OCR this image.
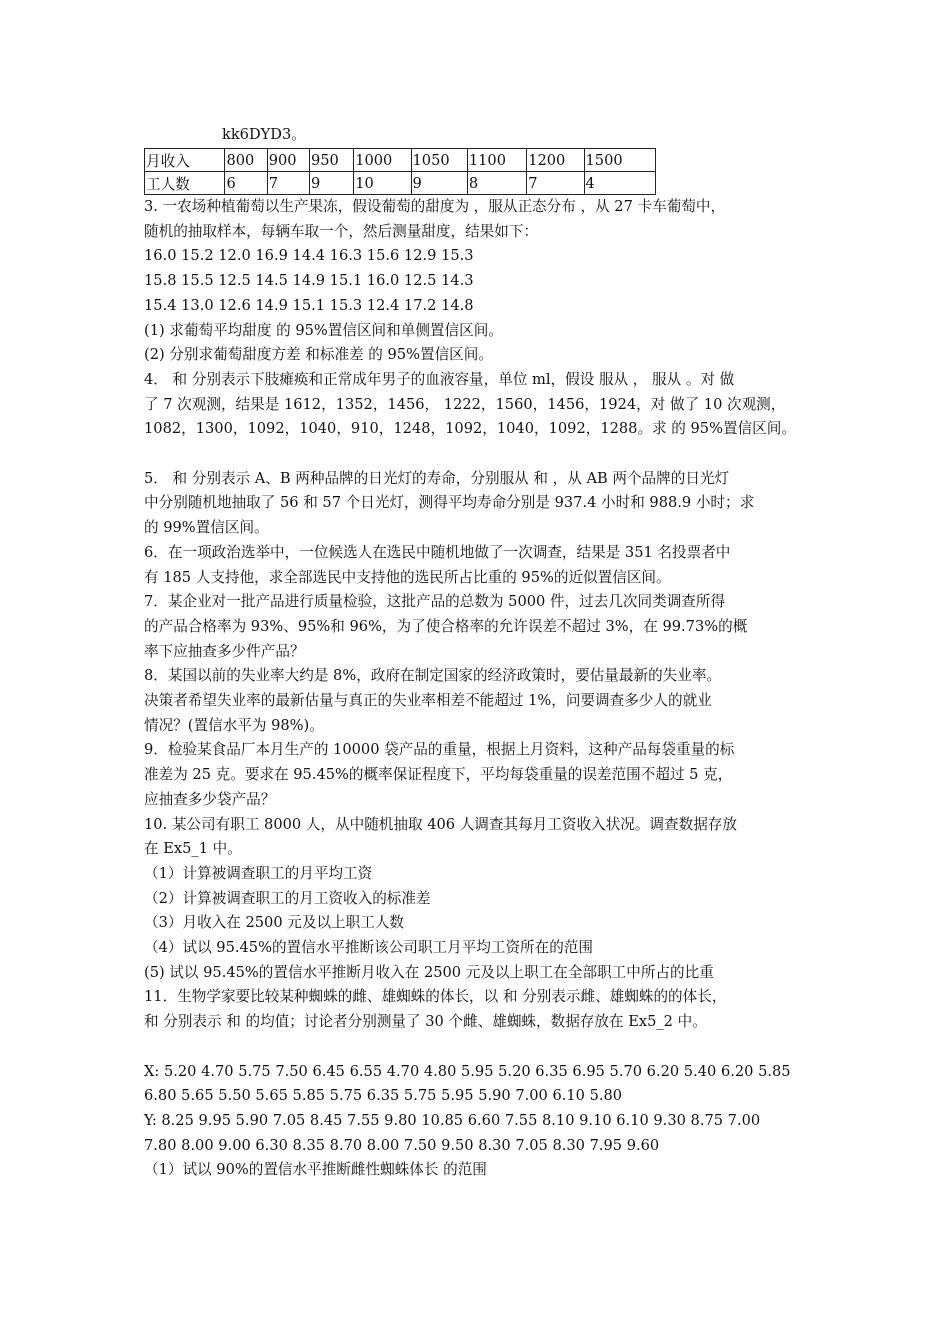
kk6DYD3。
月收入	800	900	950	1000	1050	1100	1200	1500
工人数	6	7	9	10	9	8	7	4

3. 一农场种植葡萄以生产果冻，假设葡萄的甜度为 ，服从正态分布 ，从 27 卡车葡萄中，

随机的抽取样本，每辆车取一个，然后测量甜度，结果如下：

16.0 15.2 12.0 16.9 14.4 16.3 15.6 12.9 15.3

15.8 15.5 12.5 14.5 14.9 15.1 16.0 12.5 14.3

15.4 13.0 12.6 14.9 15.1 15.3 12.4 17.2 14.8

(1) 求葡萄平均甜度 的 95%置信区间和单侧置信区间。

(2) 分别求葡萄甜度方差 和标准差 的 95%置信区间。

4． 和 分别表示下肢瘫痪和正常成年男子的血液容量，单位 ml，假设 服从 ， 服从 。对 做

了 7 次观测，结果是 1612，1352，1456， 1222，1560，1456，1924，对 做了 10 次观测，

1082，1300，1092，1040，910，1248，1092，1040，1092，1288。求 的 95%置信区间。

5． 和 分别表示 A、B 两种品牌的日光灯的寿命，分别服从 和 ，从 AB 两个品牌的日光灯

中分别随机地抽取了 56 和 57 个日光灯，测得平均寿命分别是 937.4 小时和 988.9 小时；求

的 99%置信区间。

6．在一项政治选举中，一位候选人在选民中随机地做了一次调查，结果是 351 名投票者中

有 185 人支持他，求全部选民中支持他的选民所占比重的 95%的近似置信区间。

7．某企业对一批产品进行质量检验，这批产品的总数为 5000 件，过去几次同类调查所得

的产品合格率为 93%、95%和 96%，为了使合格率的允许误差不超过 3%，在 99.73%的概

率下应抽查多少件产品？

8．某国以前的失业率大约是 8%，政府在制定国家的经济政策时，要估量最新的失业率。

决策者希望失业率的最新估量与真正的失业率相差不能超过 1%，问要调查多少人的就业

情况？(置信水平为 98%)。

9．检验某食品厂本月生产的 10000 袋产品的重量，根据上月资料，这种产品每袋重量的标

准差为 25 克。要求在 95.45%的概率保证程度下，平均每袋重量的误差范围不超过 5 克，

应抽查多少袋产品？

10. 某公司有职工 8000 人，从中随机抽取 406 人调查其每月工资收入状况。调查数据存放

在 Ex5_1 中。

（1）计算被调查职工的月平均工资

（2）计算被调查职工的月工资收入的标准差

（3）月收入在 2500 元及以上职工人数

（4）试以 95.45%的置信水平推断该公司职工月平均工资所在的范围

(5) 试以 95.45%的置信水平推断月收入在 2500 元及以上职工在全部职工中所占的比重

11．生物学家要比较某种蜘蛛的雌、雄蜘蛛的体长，以 和 分别表示雌、雄蜘蛛的的体长，

和 分别表示 和 的均值；讨论者分别测量了 30 个雌、雄蜘蛛，数据存放在 Ex5_2 中。

X: 5.20 4.70 5.75 7.50 6.45 6.55 4.70 4.80 5.95 5.20 6.35 6.95 5.70 6.20 5.40 6.20 5.85

6.80 5.65 5.50 5.65 5.85 5.75 6.35 5.75 5.95 5.90 7.00 6.10 5.80

Y: 8.25 9.95 5.90 7.05 8.45 7.55 9.80 10.85 6.60 7.55 8.10 9.10 6.10 9.30 8.75 7.00

7.80 8.00 9.00 6.30 8.35 8.70 8.00 7.50 9.50 8.30 7.05 8.30 7.95 9.60

（1）试以 90%的置信水平推断雌性蜘蛛体长 的范围
